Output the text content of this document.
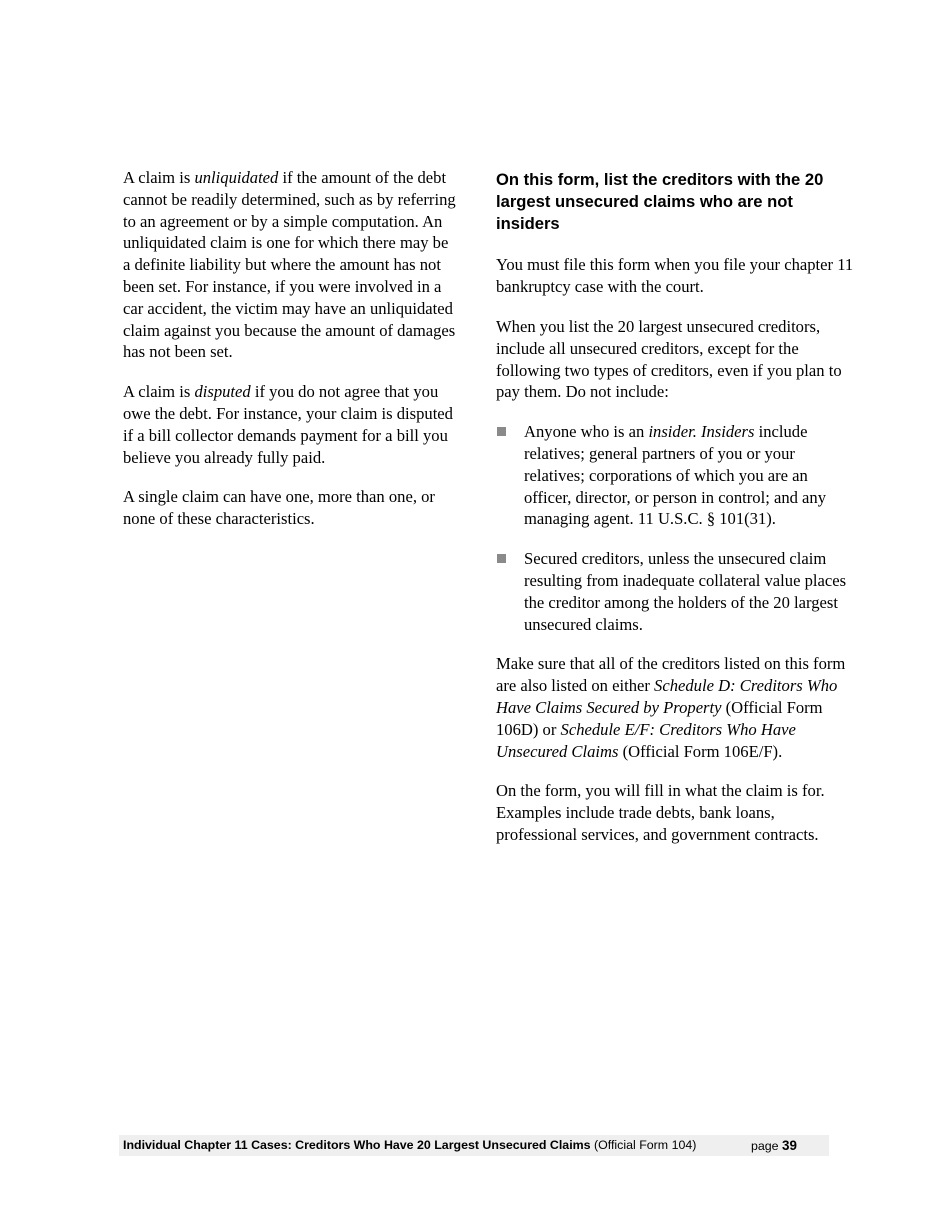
A claim is unliquidated if the amount of the debt cannot be readily determined, such as by referring to an agreement or by a simple computation. An unliquidated claim is one for which there may be a definite liability but where the amount has not been set. For instance, if you were involved in a car accident, the victim may have an unliquidated claim against you because the amount of damages has not been set.

A claim is disputed if you do not agree that you owe the debt. For instance, your claim is disputed if a bill collector demands payment for a bill you believe you already fully paid.

A single claim can have one, more than one, or none of these characteristics.

On this form, list the creditors with the 20 largest unsecured claims who are not insiders

You must file this form when you file your chapter 11 bankruptcy case with the court.

When you list the 20 largest unsecured creditors, include all unsecured creditors, except for the following two types of creditors, even if you plan to pay them. Do not include:

Anyone who is an insider. Insiders include relatives; general partners of you or your relatives; corporations of which you are an officer, director, or person in control; and any managing agent. 11 U.S.C. § 101(31).
Secured creditors, unless the unsecured claim resulting from inadequate collateral value places the creditor among the holders of the 20 largest unsecured claims.

Make sure that all of the creditors listed on this form are also listed on either Schedule D: Creditors Who Have Claims Secured by Property (Official Form 106D) or Schedule E/F: Creditors Who Have Unsecured Claims (Official Form 106E/F).

On the form, you will fill in what the claim is for. Examples include trade debts, bank loans, professional services, and government contracts.

Individual Chapter 11 Cases: Creditors Who Have 20 Largest Unsecured Claims (Official Form 104)	page 39
